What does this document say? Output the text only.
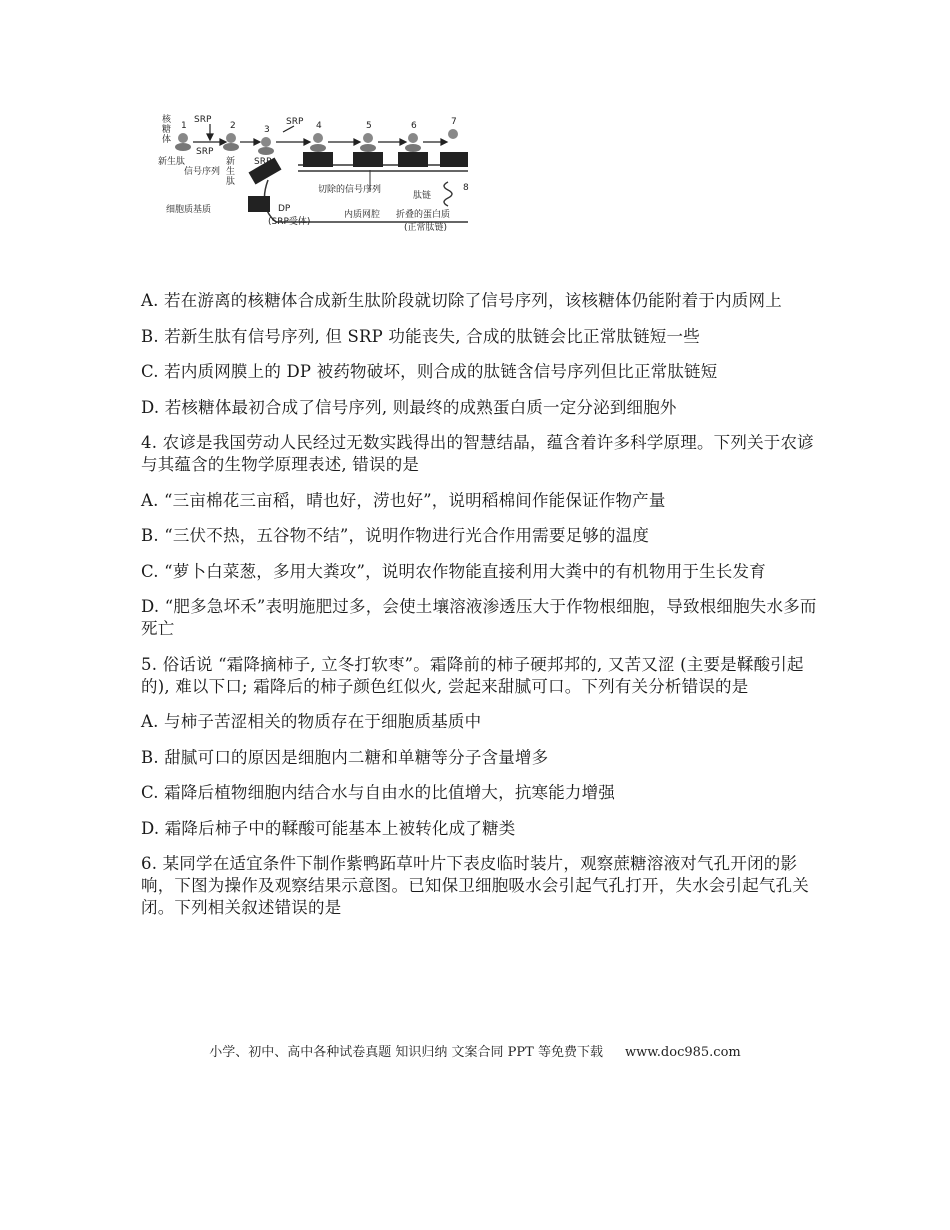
核糖体
新生肽
SRP
SRP
信号序列
新生肽
SRP
SRP
切除的信号序列
肽链
细胞质基质	DP
(SRP受体)
内质网腔 折叠的蛋白质
(正常肽链)
1	2	3	4	5	6	7
8

A. 若在游离的核糖体合成新生肽阶段就切除了信号序列，该核糖体仍能附着于内质网上

B. 若新生肽有信号序列, 但 SRP 功能丧失, 合成的肽链会比正常肽链短一些

C. 若内质网膜上的 DP 被药物破坏，则合成的肽链含信号序列但比正常肽链短

D. 若核糖体最初合成了信号序列, 则最终的成熟蛋白质一定分泌到细胞外

4. 农谚是我国劳动人民经过无数实践得出的智慧结晶，蕴含着许多科学原理。下列关于农谚与其蕴含的生物学原理表述, 错误的是

A. “三亩棉花三亩稻，晴也好，涝也好”，说明稻棉间作能保证作物产量

B. “三伏不热，五谷物不结”，说明作物进行光合作用需要足够的温度

C. “萝卜白菜葱，多用大粪攻”，说明农作物能直接利用大粪中的有机物用于生长发育

D. “肥多急坏禾”表明施肥过多，会使土壤溶液渗透压大于作物根细胞，导致根细胞失水多而死亡

5. 俗话说 “霜降摘柿子, 立冬打软枣”。霜降前的柿子硬邦邦的, 又苦又涩 (主要是鞣酸引起的), 难以下口; 霜降后的柿子颜色红似火, 尝起来甜腻可口。下列有关分析错误的是

A. 与柿子苦涩相关的物质存在于细胞质基质中

B. 甜腻可口的原因是细胞内二糖和单糖等分子含量增多

C. 霜降后植物细胞内结合水与自由水的比值增大，抗寒能力增强

D. 霜降后柿子中的鞣酸可能基本上被转化成了糖类

6. 某同学在适宜条件下制作紫鸭跖草叶片下表皮临时装片，观察蔗糖溶液对气孔开闭的影响，下图为操作及观察结果示意图。已知保卫细胞吸水会引起气孔打开，失水会引起气孔关闭。下列相关叙述错误的是

小学、初中、高中各种试卷真题 知识归纳 文案合同 PPT 等免费下载 www.doc985.com
